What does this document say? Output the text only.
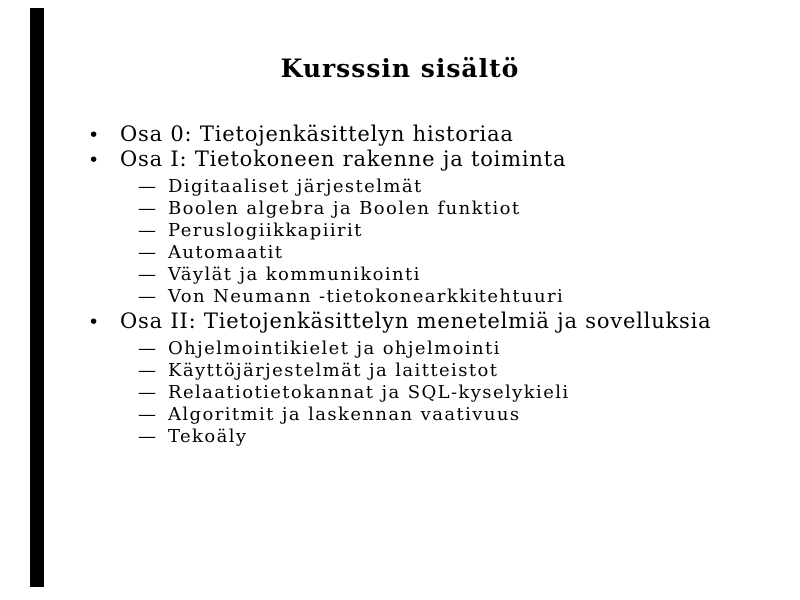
Kursssin sisältö
• Osa 0: Tietojenkäsittelyn historiaa
• Osa I: Tietokoneen rakenne ja toiminta
— Digitaaliset järjestelmät
— Boolen algebra ja Boolen funktiot
— Peruslogiikkapiirit
— Automaatit
— Väylät ja kommunikointi
— Von Neumann -tietokonearkkitehtuuri
• Osa II: Tietojenkäsittelyn menetelmiä ja sovelluksia
— Ohjelmointikielet ja ohjelmointi
— Käyttöjärjestelmät ja laitteistot
— Relaatiotietokannat ja SQL-kyselykieli
— Algoritmit ja laskennan vaativuus
— Tekoäly
